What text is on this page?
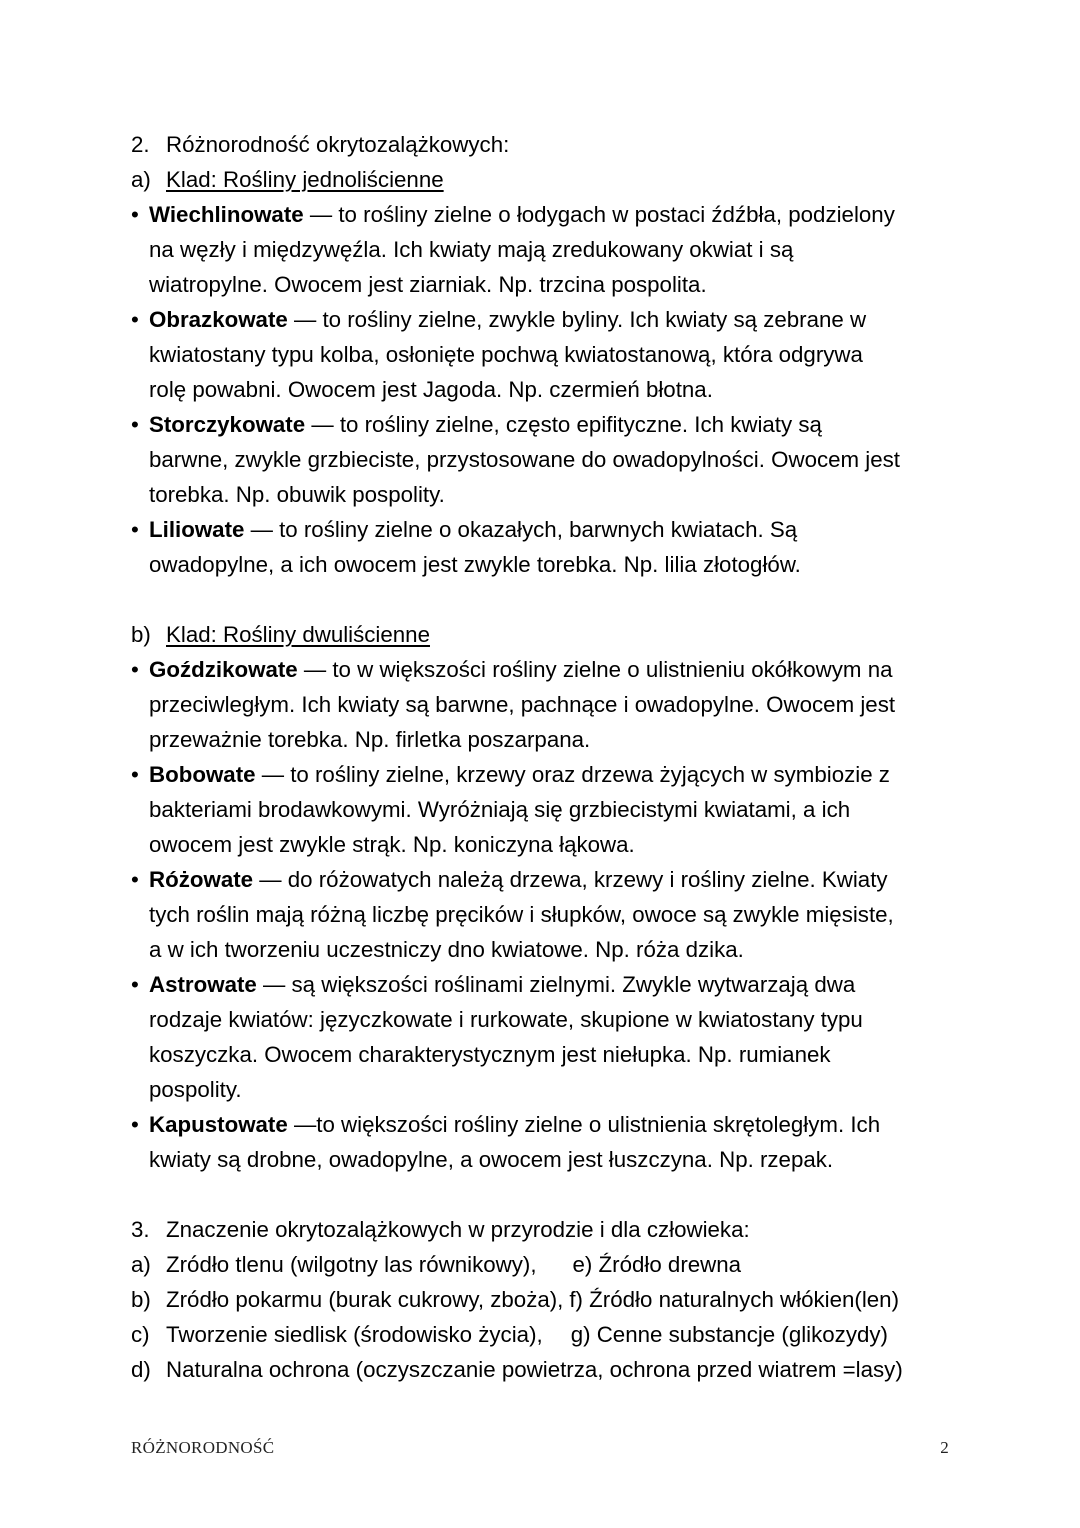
2. Różnorodność okrytozalążkowych:
a) Klad: Rośliny jednoliścienne
• Wiechlinowate — to rośliny zielne o łodygach w postaci źdźbła, podzielony
na węzły i międzywęźla. Ich kwiaty mają zredukowany okwiat i są
wiatropylne. Owocem jest ziarniak. Np. trzcina pospolita.
• Obrazkowate — to rośliny zielne, zwykle byliny. Ich kwiaty są zebrane w
kwiatostany typu kolba, osłonięte pochwą kwiatostanową, która odgrywa
rolę powabni. Owocem jest Jagoda. Np. czermień błotna.
• Storczykowate — to rośliny zielne, często epifityczne. Ich kwiaty są
barwne, zwykle grzbieciste, przystosowane do owadopylności. Owocem jest
torebka. Np. obuwik pospolity.
• Liliowate — to rośliny zielne o okazałych, barwnych kwiatach. Są
owadopylne, a ich owocem jest zwykle torebka. Np. lilia złotogłów.
b) Klad: Rośliny dwuliścienne
• Goździkowate — to w większości rośliny zielne o ulistnieniu okółkowym na
przeciwległym. Ich kwiaty są barwne, pachnące i owadopylne. Owocem jest
przeważnie torebka. Np. firletka poszarpana.
• Bobowate — to rośliny zielne, krzewy oraz drzewa żyjących w symbiozie z
bakteriami brodawkowymi. Wyróżniają się grzbiecistymi kwiatami, a ich
owocem jest zwykle strąk. Np. koniczyna łąkowa.
• Różowate — do różowatych należą drzewa, krzewy i rośliny zielne. Kwiaty
tych roślin mają różną liczbę pręcików i słupków, owoce są zwykle mięsiste,
a w ich tworzeniu uczestniczy dno kwiatowe. Np. róża dzika.
• Astrowate — są większości roślinami zielnymi. Zwykle wytwarzają dwa
rodzaje kwiatów: języczkowate i rurkowate, skupione w kwiatostany typu
koszyczka. Owocem charakterystycznym jest niełupka. Np. rumianek
pospolity.
• Kapustowate —to większości rośliny zielne o ulistnienia skrętoległym. Ich
kwiaty są drobne, owadopylne, a owocem jest łuszczyna. Np. rzepak.
3. Znaczenie okrytozalążkowych w przyrodzie i dla człowieka:
a) Zródło tlenu (wilgotny las równikowy), e) Źródło drewna
b) Zródło pokarmu (burak cukrowy, zboża), f) Źródło naturalnych włókien(len)
c) Tworzenie siedlisk (środowisko życia), g) Cenne substancje (glikozydy)
d) Naturalna ochrona (oczyszczanie powietrza, ochrona przed wiatrem =lasy)
RÓŻNORODNOŚĆ	2
